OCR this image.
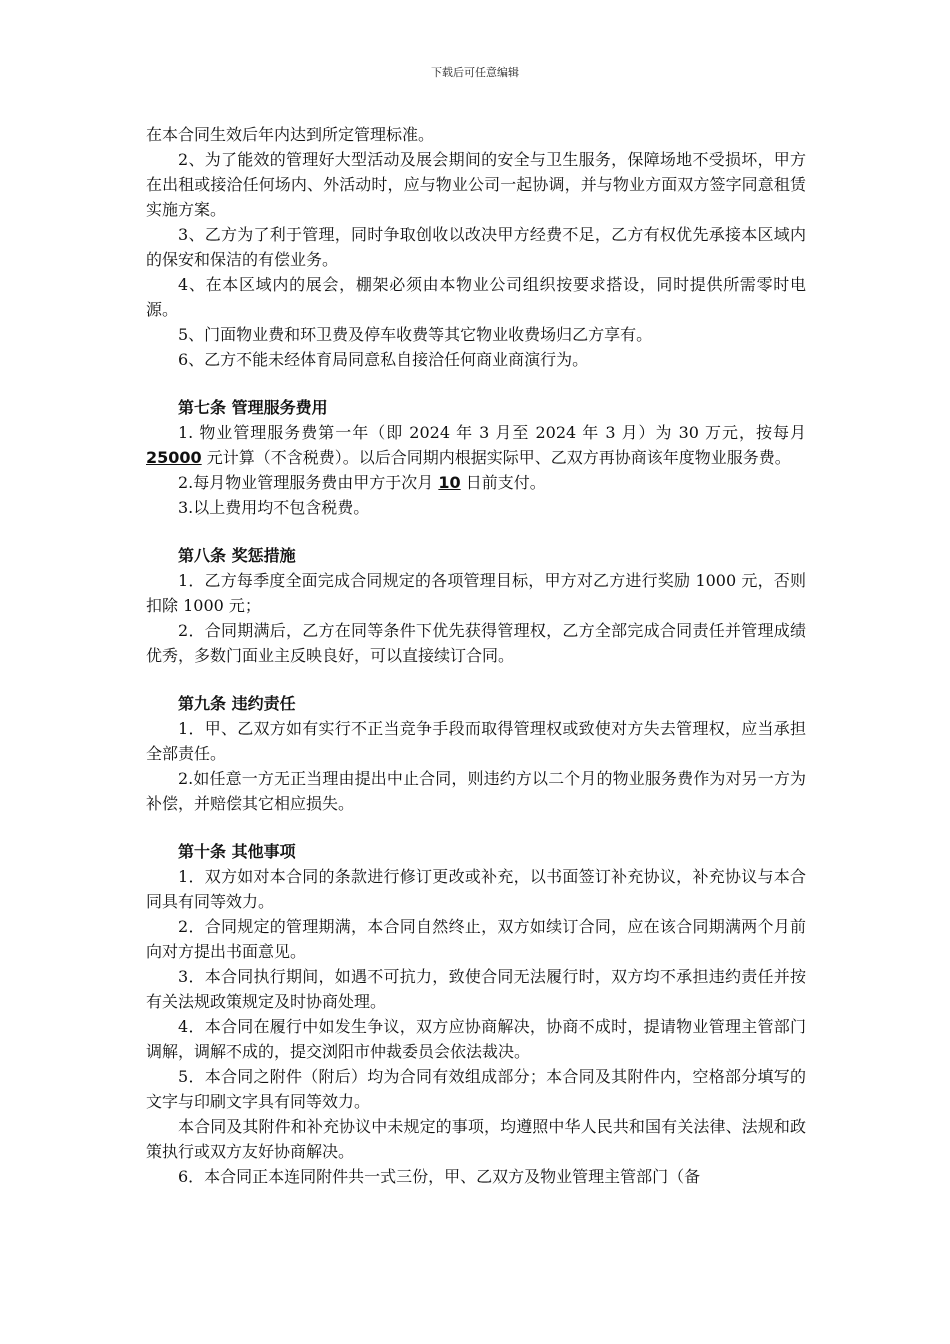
下载后可任意编辑

在本合同生效后年内达到所定管理标准。

2、为了能效的管理好大型活动及展会期间的安全与卫生服务，保障场地不受损坏，甲方在出租或接洽任何场内、外活动时，应与物业公司一起协调，并与物业方面双方签字同意租赁实施方案。

3、乙方为了利于管理，同时争取创收以改决甲方经费不足，乙方有权优先承接本区域内的保安和保洁的有偿业务。

4、在本区域内的展会，棚架必须由本物业公司组织按要求搭设，同时提供所需零时电源。

5、门面物业费和环卫费及停车收费等其它物业收费场归乙方享有。

6、乙方不能未经体育局同意私自接洽任何商业商演行为。

第七条 管理服务费用

1. 物业管理服务费第一年（即 2024 年 3 月至 2024 年 3 月）为 30 万元，按每月 25000 元计算（不含税费）。以后合同期内根据实际甲、乙双方再协商该年度物业服务费。

2.每月物业管理服务费由甲方于次月 10 日前支付。

3.以上费用均不包含税费。

第八条 奖惩措施

1．乙方每季度全面完成合同规定的各项管理目标，甲方对乙方进行奖励 1000 元，否则扣除 1000 元；

2．合同期满后，乙方在同等条件下优先获得管理权，乙方全部完成合同责任并管理成绩优秀，多数门面业主反映良好，可以直接续订合同。

第九条 违约责任

1．甲、乙双方如有实行不正当竞争手段而取得管理权或致使对方失去管理权，应当承担全部责任。

2.如任意一方无正当理由提出中止合同，则违约方以二个月的物业服务费作为对另一方为补偿，并赔偿其它相应损失。

第十条 其他事项

1．双方如对本合同的条款进行修订更改或补充，以书面签订补充协议，补充协议与本合同具有同等效力。

2．合同规定的管理期满，本合同自然终止，双方如续订合同，应在该合同期满两个月前向对方提出书面意见。

3．本合同执行期间，如遇不可抗力，致使合同无法履行时，双方均不承担违约责任并按有关法规政策规定及时协商处理。

4．本合同在履行中如发生争议，双方应协商解决，协商不成时，提请物业管理主管部门调解，调解不成的，提交浏阳市仲裁委员会依法裁决。

5．本合同之附件（附后）均为合同有效组成部分；本合同及其附件内，空格部分填写的文字与印刷文字具有同等效力。

本合同及其附件和补充协议中未规定的事项，均遵照中华人民共和国有关法律、法规和政策执行或双方友好协商解决。

6．本合同正本连同附件共一式三份，甲、乙双方及物业管理主管部门（备
